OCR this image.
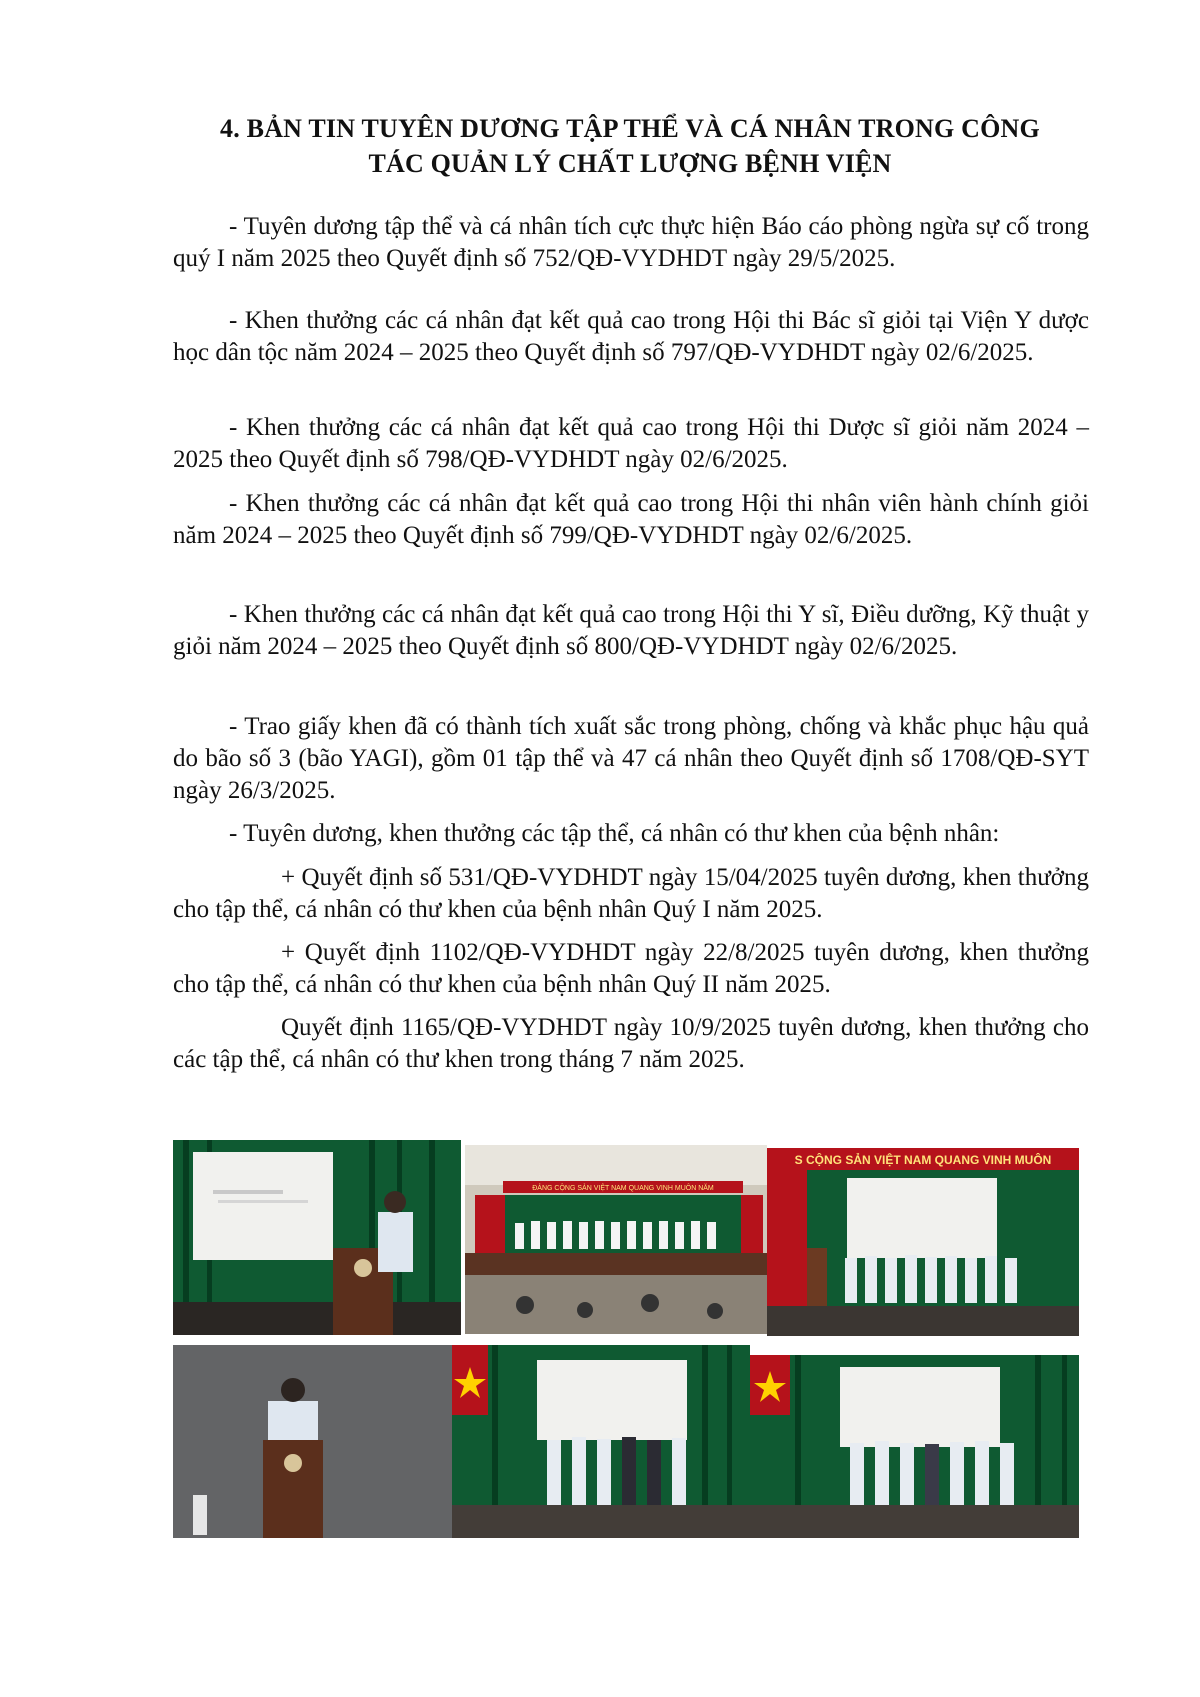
4. BẢN TIN TUYÊN DƯƠNG TẬP THỂ VÀ CÁ NHÂN TRONG CÔNG
TÁC QUẢN LÝ CHẤT LƯỢNG BỆNH VIỆN
- Tuyên dương tập thể và cá nhân tích cực thực hiện Báo cáo phòng ngừa sự cố trong quý I năm 2025 theo Quyết định số 752/QĐ-VYDHDT ngày 29/5/2025.
- Khen thưởng các cá nhân đạt kết quả cao trong Hội thi Bác sĩ giỏi tại Viện Y dược học dân tộc năm 2024 – 2025 theo Quyết định số 797/QĐ-VYDHDT ngày 02/6/2025.
- Khen thưởng các cá nhân đạt kết quả cao trong Hội thi Dược sĩ giỏi năm 2024 – 2025 theo Quyết định số 798/QĐ-VYDHDT ngày 02/6/2025.
- Khen thưởng các cá nhân đạt kết quả cao trong Hội thi nhân viên hành chính giỏi năm 2024 – 2025 theo Quyết định số 799/QĐ-VYDHDT ngày 02/6/2025.
- Khen thưởng các cá nhân đạt kết quả cao trong Hội thi Y sĩ, Điều dưỡng, Kỹ thuật y giỏi năm 2024 – 2025 theo Quyết định số 800/QĐ-VYDHDT ngày 02/6/2025.
- Trao giấy khen đã có thành tích xuất sắc trong phòng, chống và khắc phục hậu quả do bão số 3 (bão YAGI), gồm 01 tập thể và 47 cá nhân theo Quyết định số 1708/QĐ-SYT ngày 26/3/2025.
- Tuyên dương, khen thưởng các tập thể, cá nhân có thư khen của bệnh nhân:
+ Quyết định số 531/QĐ-VYDHDT ngày 15/04/2025 tuyên dương, khen thưởng cho tập thể, cá nhân có thư khen của bệnh nhân Quý I năm 2025.
+ Quyết định 1102/QĐ-VYDHDT ngày 22/8/2025 tuyên dương, khen thưởng cho tập thể, cá nhân có thư khen của bệnh nhân Quý II năm 2025.
Quyết định 1165/QĐ-VYDHDT ngày 10/9/2025 tuyên dương, khen thưởng cho các tập thể, cá nhân có thư khen trong tháng 7 năm 2025.
ĐẢNG CỘNG SẢN VIỆT NAM QUANG VINH MUÔN NĂM
S CỘNG SẢN VIỆT NAM QUANG VINH MUÔN
